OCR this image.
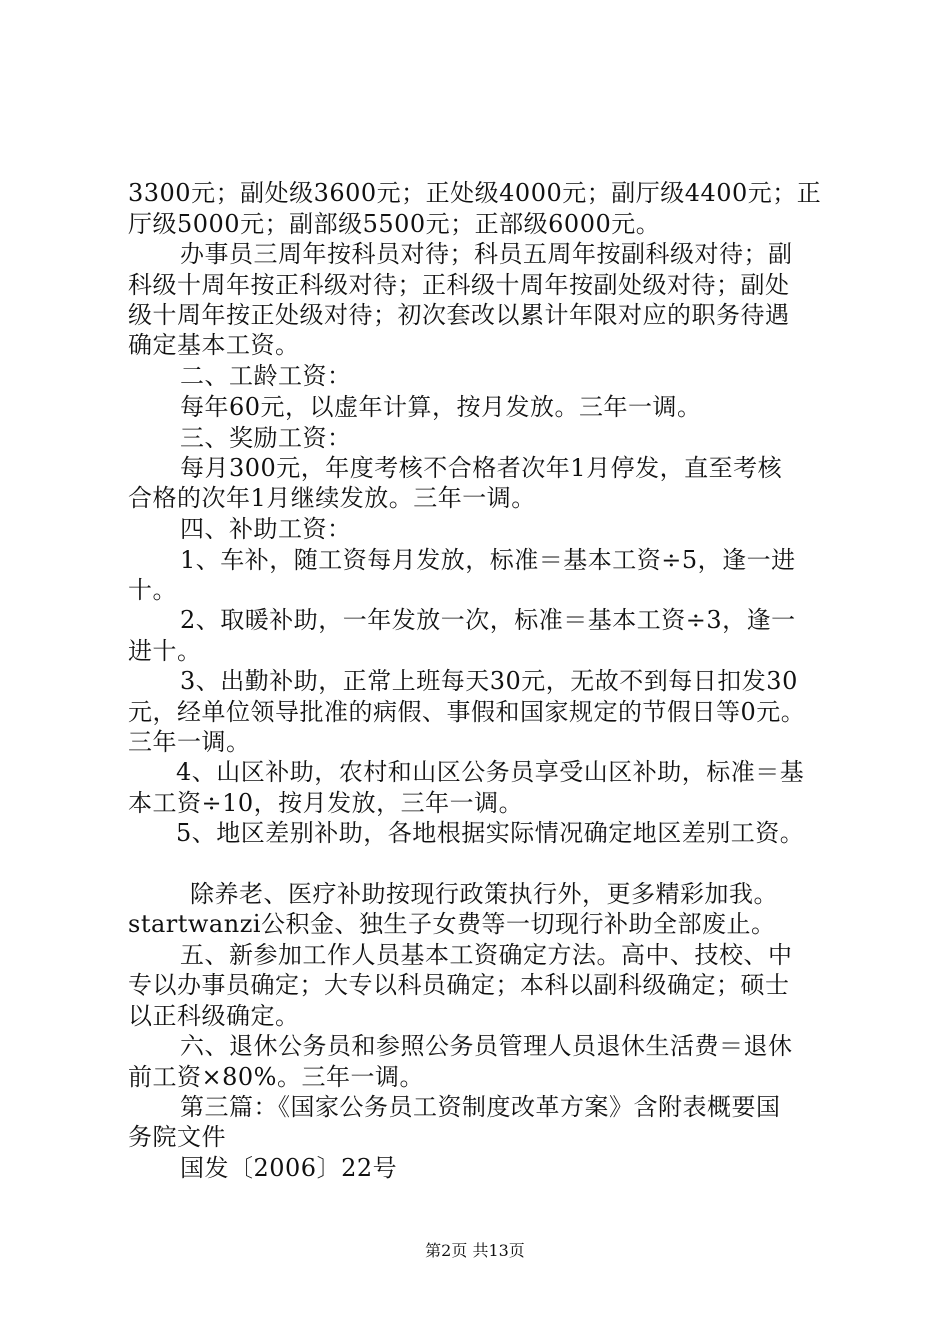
3300元；副处级3600元；正处级4000元；副厅级4400元；正
厅级5000元；副部级5500元；正部级6000元。
办事员三周年按科员对待；科员五周年按副科级对待；副
科级十周年按正科级对待；正科级十周年按副处级对待；副处
级十周年按正处级对待；初次套改以累计年限对应的职务待遇
确定基本工资。
二、工龄工资：
每年60元，以虚年计算，按月发放。三年一调。
三、奖励工资：
每月300元，年度考核不合格者次年1月停发，直至考核
合格的次年1月继续发放。三年一调。
四、补助工资：
1、车补，随工资每月发放，标准＝基本工资÷5，逢一进
十。
2、取暖补助，一年发放一次，标准＝基本工资÷3，逢一
进十。
3、出勤补助，正常上班每天30元，无故不到每日扣发30
元，经单位领导批准的病假、事假和国家规定的节假日等0元。
三年一调。
4、山区补助，农村和山区公务员享受山区补助，标准＝基
本工资÷10，按月发放，三年一调。
5、地区差别补助，各地根据实际情况确定地区差别工资。
除养老、医疗补助按现行政策执行外，更多精彩加我。
startwanzi公积金、独生子女费等一切现行补助全部废止。
五、新参加工作人员基本工资确定方法。高中、技校、中
专以办事员确定；大专以科员确定；本科以副科级确定；硕士
以正科级确定。
六、退休公务员和参照公务员管理人员退休生活费＝退休
前工资×80%。三年一调。
第三篇：《国家公务员工资制度改革方案》含附表概要国
务院文件
国发〔2006〕22号
第2页 共13页
